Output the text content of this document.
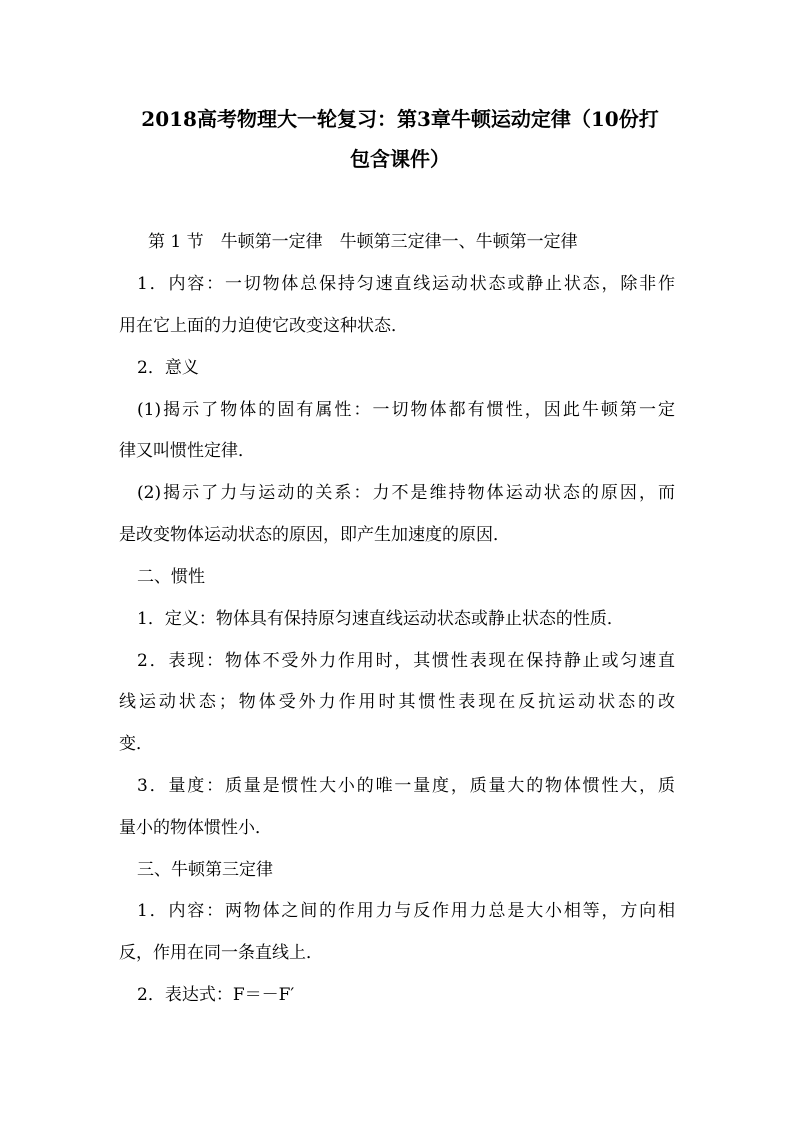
2018高考物理大一轮复习：第3章牛顿运动定律（10份打
包含课件）
第 1 节　牛顿第一定律　牛顿第三定律一、牛顿第一定律
1．内容：一切物体总保持匀速直线运动状态或静止状态，除非作
用在它上面的力迫使它改变这种状态．
2．意义
(1)揭示了物体的固有属性：一切物体都有惯性，因此牛顿第一定
律又叫惯性定律．
(2)揭示了力与运动的关系：力不是维持物体运动状态的原因，而
是改变物体运动状态的原因，即产生加速度的原因．
二、惯性
1．定义：物体具有保持原匀速直线运动状态或静止状态的性质．
2．表现：物体不受外力作用时，其惯性表现在保持静止或匀速直
线运动状态；物体受外力作用时其惯性表现在反抗运动状态的改
变．
3．量度：质量是惯性大小的唯一量度，质量大的物体惯性大，质
量小的物体惯性小．
三、牛顿第三定律
1．内容：两物体之间的作用力与反作用力总是大小相等，方向相
反，作用在同一条直线上．
2．表达式：F＝－F′
